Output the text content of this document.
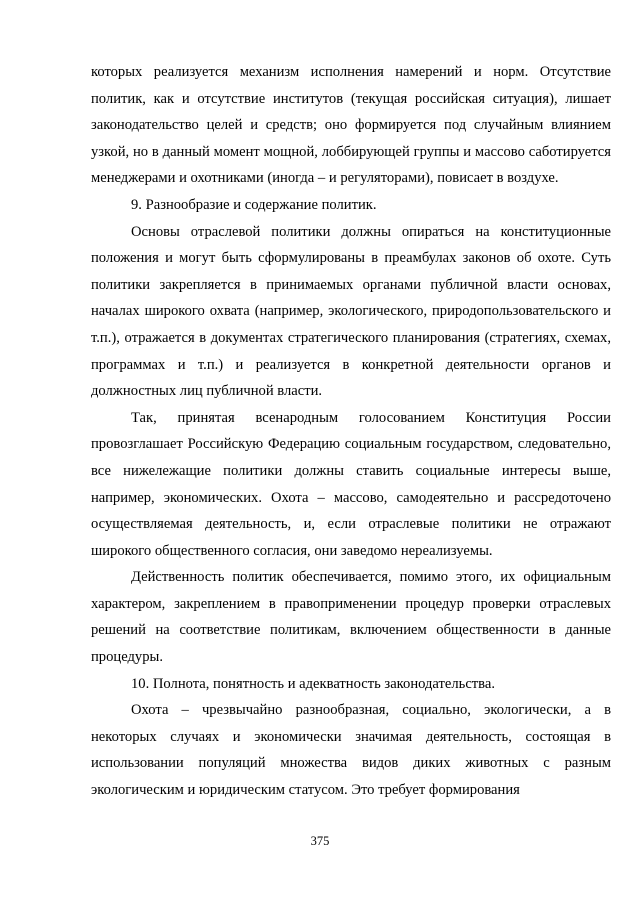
которых реализуется механизм исполнения намерений и норм. Отсутствие политик, как и отсутствие институтов (текущая российская ситуация), лишает законодательство целей и средств; оно формируется под случайным влиянием узкой, но в данный момент мощной, лоббирующей группы и массово саботируется менеджерами и охотниками (иногда – и регуляторами), повисает в воздухе.

9. Разнообразие и содержание политик.

Основы отраслевой политики должны опираться на конституционные положения и могут быть сформулированы в преамбулах законов об охоте. Суть политики закрепляется в принимаемых органами публичной власти основах, началах широкого охвата (например, экологического, природопользовательского и т.п.), отражается в документах стратегического планирования (стратегиях, схемах, программах и т.п.) и реализуется в конкретной деятельности органов и должностных лиц публичной власти.

Так, принятая всенародным голосованием Конституция России провозглашает Российскую Федерацию социальным государством, следовательно, все нижележащие политики должны ставить социальные интересы выше, например, экономических. Охота – массово, самодеятельно и рассредоточено осуществляемая деятельность, и, если отраслевые политики не отражают широкого общественного согласия, они заведомо нереализуемы.

Действенность политик обеспечивается, помимо этого, их официальным характером, закреплением в правоприменении процедур проверки отраслевых решений на соответствие политикам, включением общественности в данные процедуры.

10. Полнота, понятность и адекватность законодательства.

Охота – чрезвычайно разнообразная, социально, экологически, а в некоторых случаях и экономически значимая деятельность, состоящая в использовании популяций множества видов диких животных с разным экологическим и юридическим статусом. Это требует формирования

375
